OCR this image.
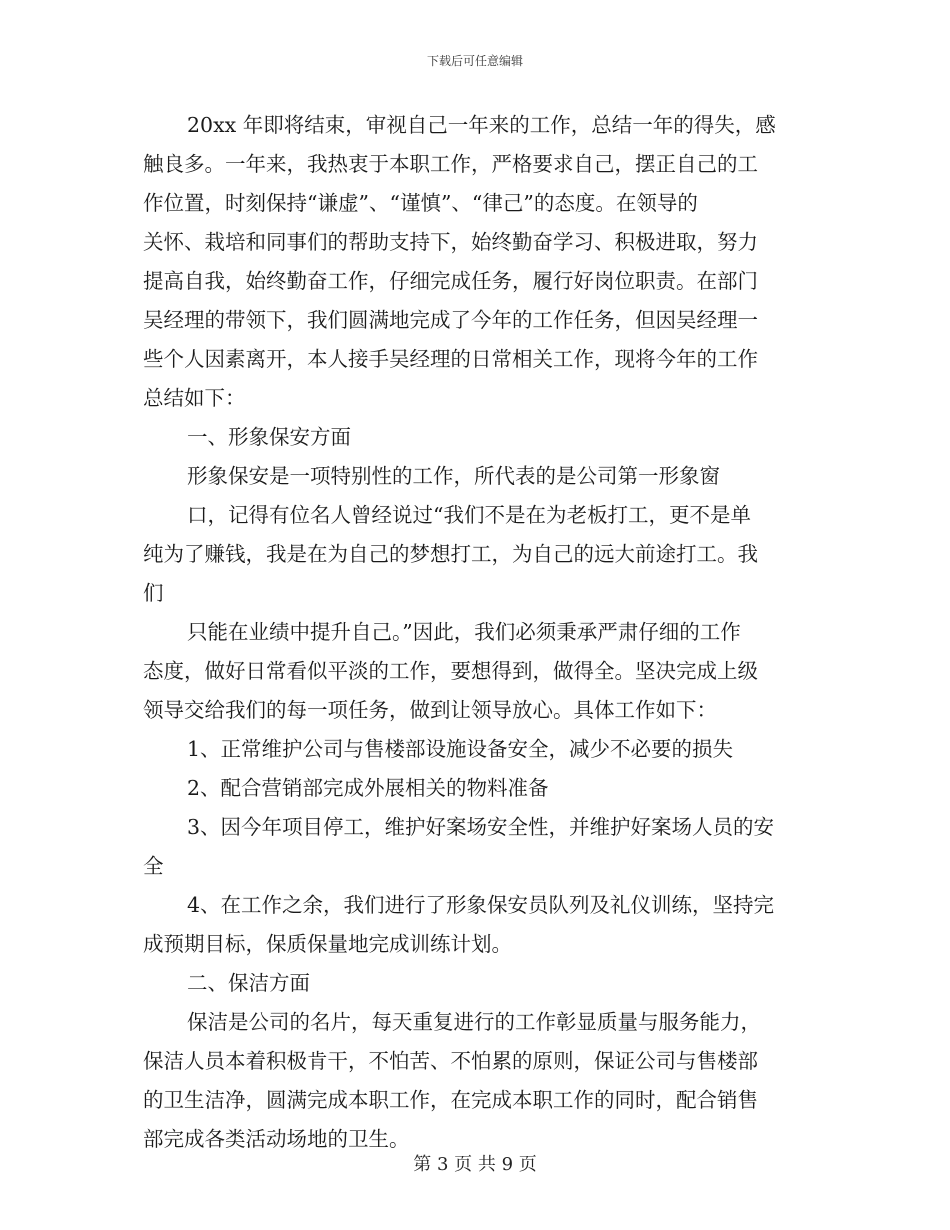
下载后可任意编辑
20xx 年即将结束，审视自己一年来的工作，总结一年的得失，感
触良多。一年来，我热衷于本职工作，严格要求自己，摆正自己的工
作位置，时刻保持“谦虚”、“谨慎”、“律己”的态度。在领导的
关怀、栽培和同事们的帮助支持下，始终勤奋学习、积极进取，努力
提高自我，始终勤奋工作，仔细完成任务，履行好岗位职责。在部门
吴经理的带领下，我们圆满地完成了今年的工作任务，但因吴经理一
些个人因素离开，本人接手吴经理的日常相关工作，现将今年的工作
总结如下：
一、形象保安方面
形象保安是一项特别性的工作，所代表的是公司第一形象窗
口，记得有位名人曾经说过“我们不是在为老板打工，更不是单
纯为了赚钱，我是在为自己的梦想打工，为自己的远大前途打工。我
们
只能在业绩中提升自己。”因此，我们必须秉承严肃仔细的工作
态度，做好日常看似平淡的工作，要想得到，做得全。坚决完成上级
领导交给我们的每一项任务，做到让领导放心。具体工作如下：
1、正常维护公司与售楼部设施设备安全，减少不必要的损失
2、配合营销部完成外展相关的物料准备
3、因今年项目停工，维护好案场安全性，并维护好案场人员的安
全
4、在工作之余，我们进行了形象保安员队列及礼仪训练，坚持完
成预期目标，保质保量地完成训练计划。
二、保洁方面
保洁是公司的名片，每天重复进行的工作彰显质量与服务能力，
保洁人员本着积极肯干，不怕苦、不怕累的原则，保证公司与售楼部
的卫生洁净，圆满完成本职工作，在完成本职工作的同时，配合销售
部完成各类活动场地的卫生。
第 3 页 共 9 页
